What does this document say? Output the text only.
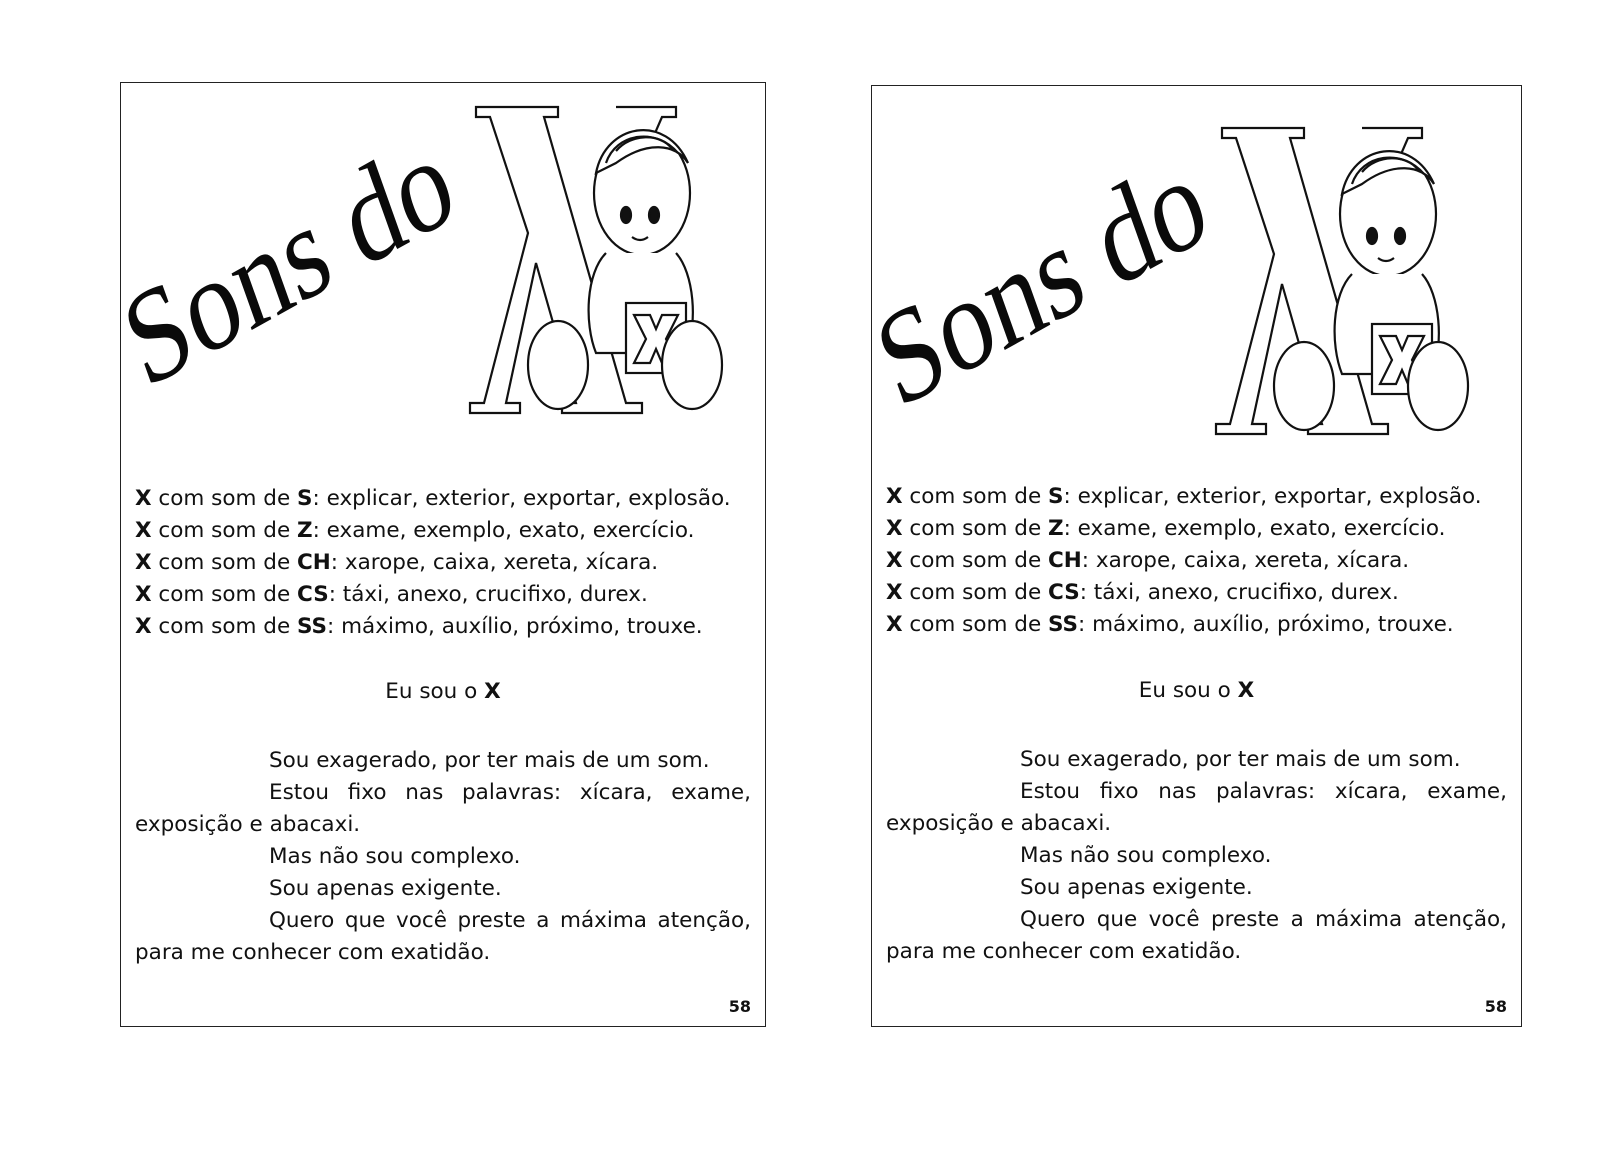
Sons do
X
X com som de S: explicar, exterior, exportar, explosão.
X com som de Z: exame, exemplo, exato, exercício.
X com som de CH: xarope, caixa, xereta, xícara.
X com som de CS: táxi, anexo, crucifixo, durex.
X com som de SS: máximo, auxílio, próximo, trouxe.
Eu sou o X

Sou exagerado, por ter mais de um som.

Estou fixo nas palavras: xícara, exame, exposição e abacaxi.

Mas não sou complexo.

Sou apenas exigente.

Quero que você preste a máxima atenção, para me conhecer com exatidão.

58
Sons do
X
X com som de S: explicar, exterior, exportar, explosão.
X com som de Z: exame, exemplo, exato, exercício.
X com som de CH: xarope, caixa, xereta, xícara.
X com som de CS: táxi, anexo, crucifixo, durex.
X com som de SS: máximo, auxílio, próximo, trouxe.
Eu sou o X

Sou exagerado, por ter mais de um som.

Estou fixo nas palavras: xícara, exame, exposição e abacaxi.

Mas não sou complexo.

Sou apenas exigente.

Quero que você preste a máxima atenção, para me conhecer com exatidão.

58
